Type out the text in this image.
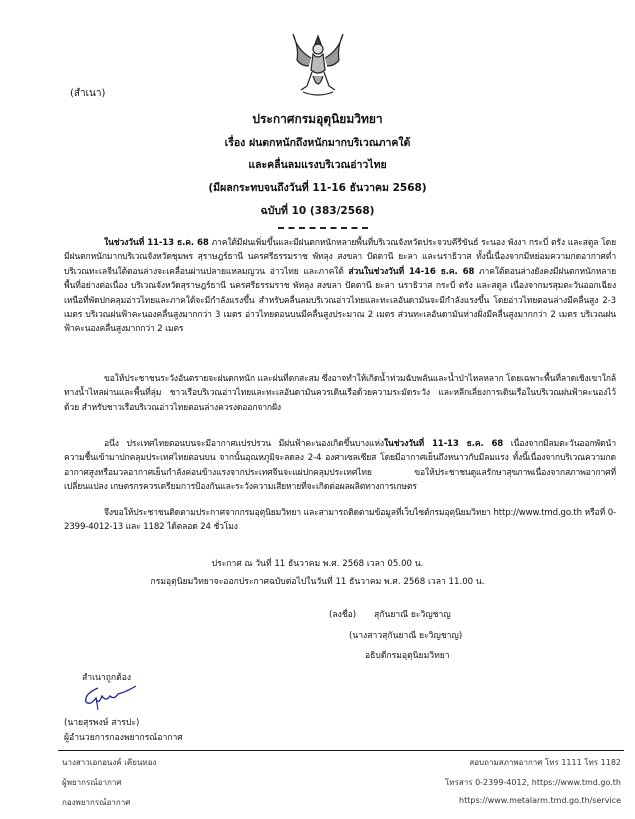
(สำเนา)
ประกาศกรมอุตุนิยมวิทยา
เรื่อง ฝนตกหนักถึงหนักมากบริเวณภาคใต้
และคลื่นลมแรงบริเวณอ่าวไทย
(มีผลกระทบจนถึงวันที่ 11-16 ธันวาคม 2568)
ฉบับที่ 10 (383/2568)
ในช่วงวันที่ 11-13 ธ.ค. 68 ภาคใต้มีฝนเพิ่มขึ้นและมีฝนตกหนักหลายพื้นที่บริเวณจังหวัดประจวบคีรีขันธ์ ระนอง พังงา กระบี่ ตรัง และสตูล โดยมีฝนตกหนักมากบริเวณจังหวัดชุมพร สุราษฎร์ธานี นครศรีธรรมราช พัทลุง สงขลา ปัตตานี ยะลา และนราธิวาส ทั้งนี้เนื่องจากมีหย่อมความกดอากาศต่ำบริเวณทะเลจีนใต้ตอนล่างจะเคลื่อนผ่านปลายแหลมญวน อ่าวไทย และภาคใต้ ส่วนในช่วงวันที่ 14-16 ธ.ค. 68 ภาคใต้ตอนล่างยังคงมีฝนตกหนักหลายพื้นที่อย่างต่อเนื่อง บริเวณจังหวัดสุราษฎร์ธานี นครศรีธรรมราช พัทลุง สงขลา ปัตตานี ยะลา นราธิวาส กระบี่ ตรัง และสตูล เนื่องจากมรสุมตะวันออกเฉียงเหนือที่พัดปกคลุมอ่าวไทยและภาคใต้จะมีกำลังแรงขึ้น สำหรับคลื่นลมบริเวณอ่าวไทยและทะเลอันดามันจะมีกำลังแรงขึ้น โดยอ่าวไทยตอนล่างมีคลื่นสูง 2-3 เมตร บริเวณฝนฟ้าคะนองคลื่นสูงมากกว่า 3 เมตร อ่าวไทยตอนบนมีคลื่นสูงประมาณ 2 เมตร ส่วนทะเลอันดามันห่างฝั่งมีคลื่นสูงมากกว่า 2 เมตร บริเวณฝนฟ้าคะนองคลื่นสูงมากกว่า 2 เมตร
ขอให้ประชาชนระวังอันตรายจะฝนตกหนัก และฝนที่ตกสะสม ซึ่งอาจทำให้เกิดน้ำท่วมฉับพลันและน้ำป่าไหลหลาก โดยเฉพาะพื้นที่ลาดเชิงเขาใกล้ทางน้ำไหลผ่านและพื้นที่ลุ่ม ชาวเรือบริเวณอ่าวไทยและทะเลอันดามันควรเดินเรือด้วยความระมัดระวัง และหลีกเลี่ยงการเดินเรือในบริเวณฝนฟ้าคะนองไว้ด้วย สำหรับชาวเรือบริเวณอ่าวไทยตอนล่างควรงดออกจากฝั่ง
อนึ่ง ประเทศไทยตอนบนจะมีอากาศแปรปรวน มีฝนฟ้าคะนองเกิดขึ้นบางแห่งในช่วงวันที่ 11-13 ธ.ค. 68 เนื่องจากมีลมตะวันออกพัดนำความชื้นเข้ามาปกคลุมประเทศไทยตอนบน จากนั้นอุณหภูมิจะลดลง 2-4 องศาเซลเซียส โดยมีอากาศเย็นถึงหนาวกับมีลมแรง ทั้งนี้เนื่องจากบริเวณความกดอากาศสูงหรือมวลอากาศเย็นกำลังค่อนข้างแรงจากประเทศจีนจะแผ่ปกคลุมประเทศไทย ขอให้ประชาชนดูแลรักษาสุขภาพเนื่องจากสภาพอากาศที่เปลี่ยนแปลง เกษตรกรควรเตรียมการป้องกันและระวังความเสียหายที่จะเกิดต่อผลผลิตทางการเกษตร
จึงขอให้ประชาชนติดตามประกาศจากกรมอุตุนิยมวิทยา และสามารถติดตามข้อมูลที่เว็บไซต์กรมอุตุนิยมวิทยา http://www.tmd.go.th หรือที่ 0-2399-4012-13 และ 1182 ได้ตลอด 24 ชั่วโมง
ประกาศ ณ วันที่ 11 ธันวาคม พ.ศ. 2568 เวลา 05.00 น.
กรมอุตุนิยมวิทยาจะออกประกาศฉบับต่อไปในวันที่ 11 ธันวาคม พ.ศ. 2568 เวลา 11.00 น.
(ลงชื่อ) สุกันยาณี ยะวิญชาญ
(นางสาวสุกันยาณี ยะวิญชาญ)
อธิบดีกรมอุตุนิยมวิทยา
สำเนาถูกต้อง
(นายสุรพงษ์ สารปะ)
ผู้อำนวยการกองพยากรณ์อากาศ
นางสาวเอกอนงค์ เคียนทอง
ผู้พยากรณ์อากาศ
กองพยากรณ์อากาศ
สอบถามสภาพอากาศ โทร 1111 โทร 1182
โทรสาร 0-2399-4012, https://www.tmd.go.th
https://www.metalarm.tmd.go.th/service
